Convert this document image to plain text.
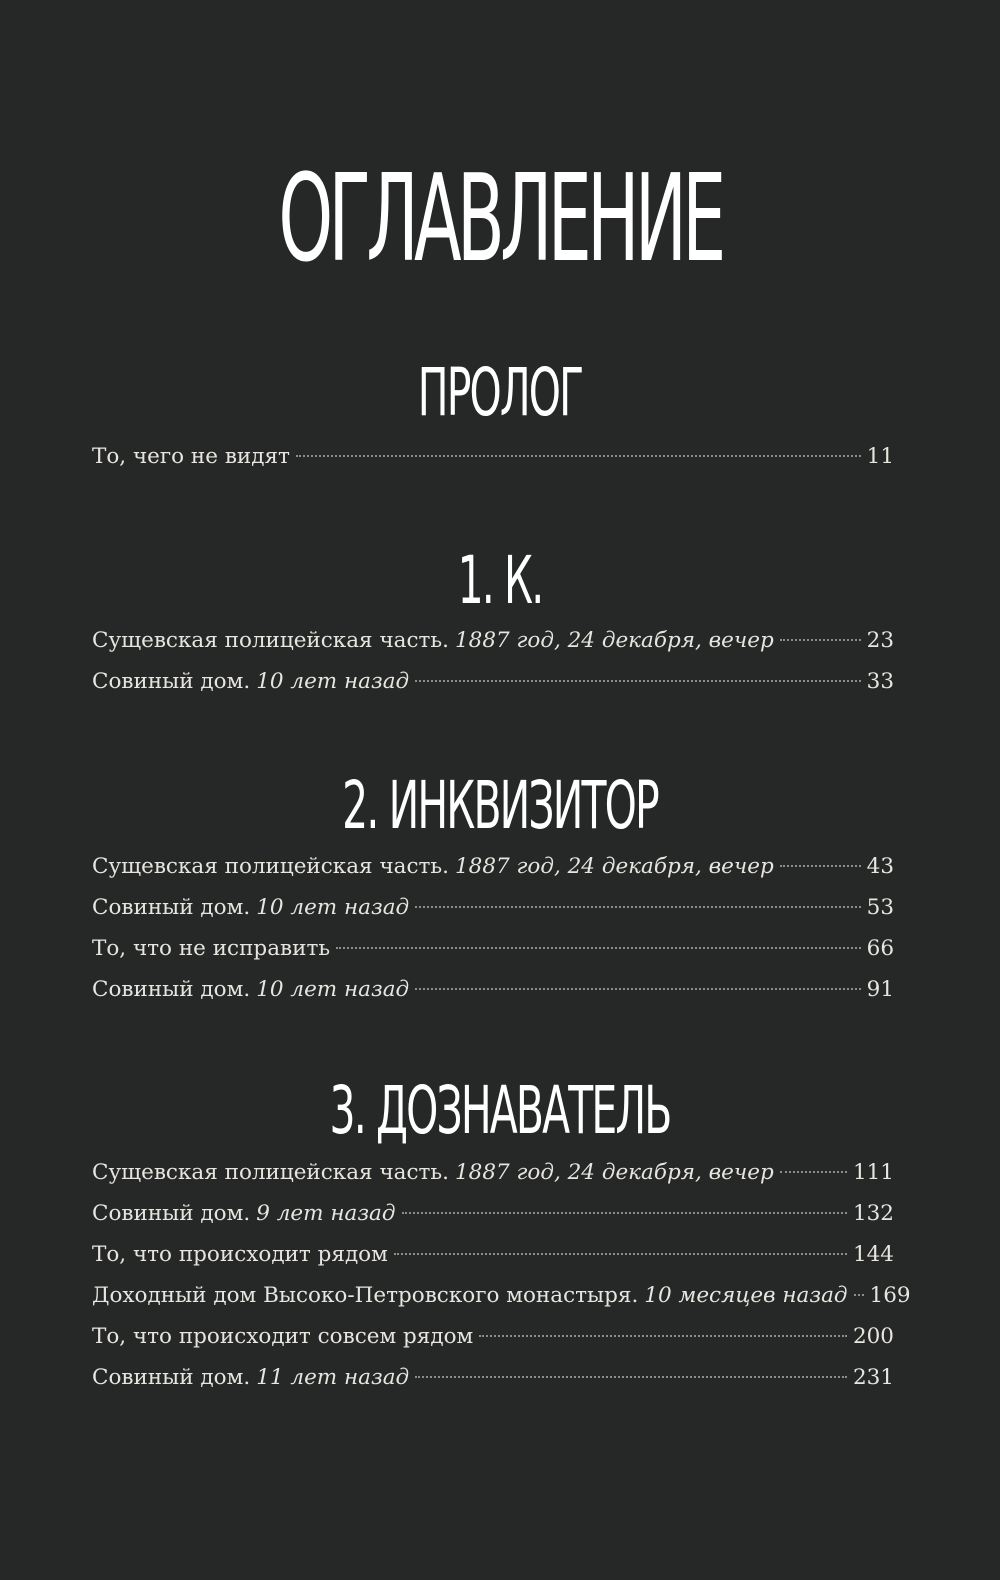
ОГЛАВЛЕНИЕ
ПРОЛОГ
То, чего не видят	11
1. К.
Сущевская полицейская часть. 1887 год, 24 декабря, вечер	23
Совиный дом. 10 лет назад	33
2. ИНКВИЗИТОР
Сущевская полицейская часть. 1887 год, 24 декабря, вечер	43
Совиный дом. 10 лет назад	53
То, что не исправить	66
Совиный дом. 10 лет назад	91
3. ДОЗНАВАТЕЛЬ
Сущевская полицейская часть. 1887 год, 24 декабря, вечер	111
Совиный дом. 9 лет назад	132
То, что происходит рядом	144
Доходный дом Высоко-Петровского монастыря. 10 месяцев назад 169
То, что происходит совсем рядом	200
Совиный дом. 11 лет назад	231
